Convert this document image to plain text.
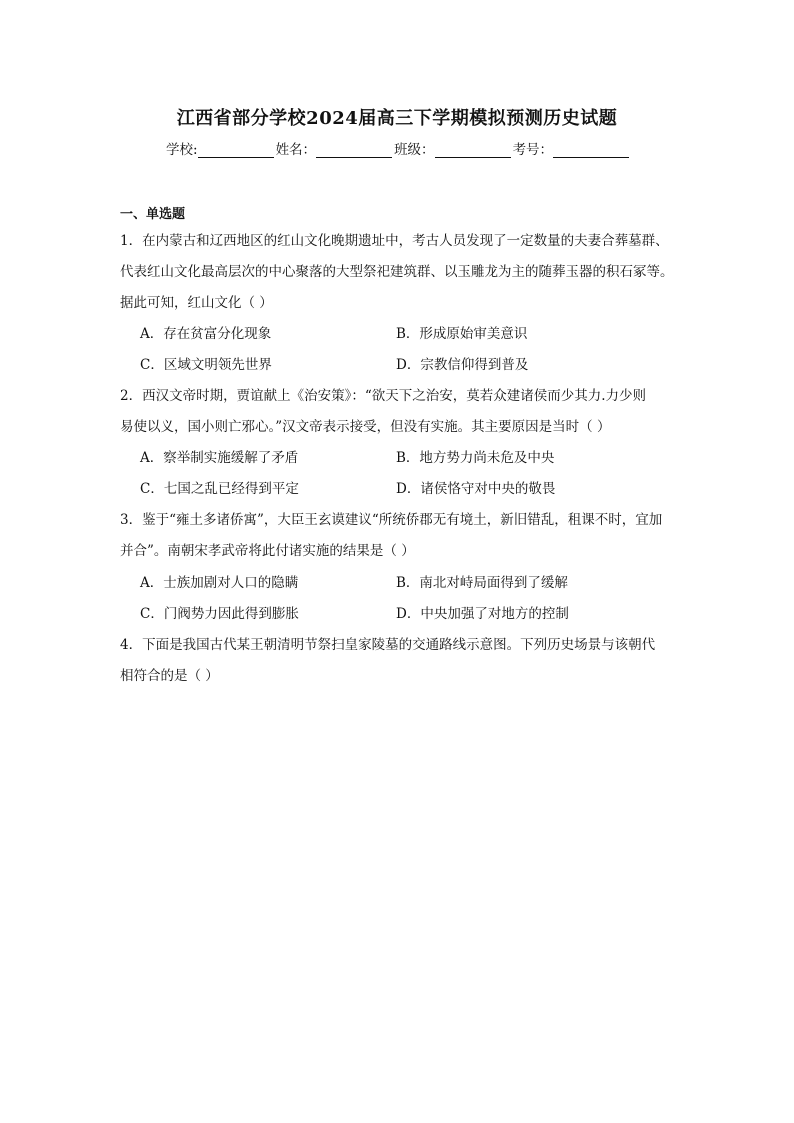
江西省部分学校2024届高三下学期模拟预测历史试题
学校:	姓名：	班级：	考号：
一、单选题
1．在内蒙古和辽西地区的红山文化晚期遗址中，考古人员发现了一定数量的夫妻合葬墓群、
代表红山文化最高层次的中心聚落的大型祭祀建筑群、以玉雕龙为主的随葬玉器的积石冢等。
据此可知，红山文化（ ）
A．存在贫富分化现象	B．形成原始审美意识
C．区域文明领先世界	D．宗教信仰得到普及
2．西汉文帝时期，贾谊献上《治安策》：“欲天下之治安，莫若众建诸侯而少其力.力少则
易使以义，国小则亡邪心。”汉文帝表示接受，但没有实施。其主要原因是当时（ ）
A．察举制实施缓解了矛盾	B．地方势力尚未危及中央
C．七国之乱已经得到平定	D．诸侯恪守对中央的敬畏
3．鉴于“雍土多诸侨寓”，大臣王玄谟建议“所统侨郡无有境土，新旧错乱，租课不时，宜加
并合”。南朝宋孝武帝将此付诸实施的结果是（ ）
A．士族加剧对人口的隐瞒	B．南北对峙局面得到了缓解
C．门阀势力因此得到膨胀	D．中央加强了对地方的控制
4．下面是我国古代某王朝清明节祭扫皇家陵墓的交通路线示意图。下列历史场景与该朝代
相符合的是（ ）
